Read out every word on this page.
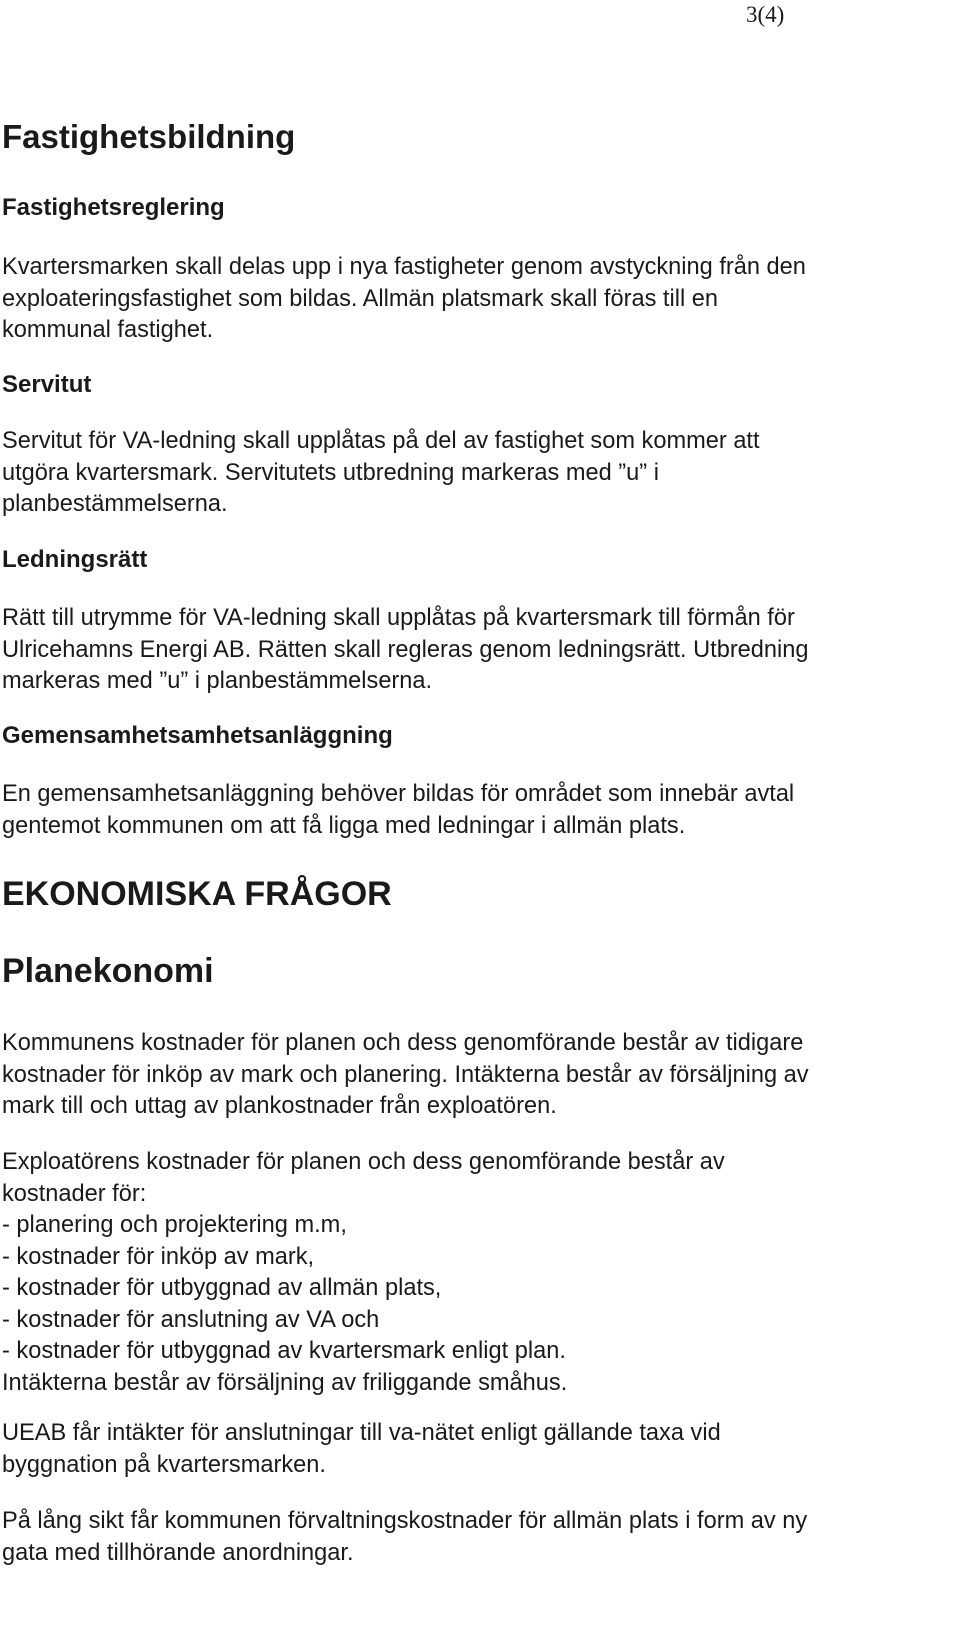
3(4)
Fastighetsbildning
Fastighetsreglering
Kvartersmarken skall delas upp i nya fastigheter genom avstyckning från den
exploateringsfastighet som bildas. Allmän platsmark skall föras till en
kommunal fastighet.
Servitut
Servitut för VA-ledning skall upplåtas på del av fastighet som kommer att
utgöra kvartersmark. Servitutets utbredning markeras med ”u” i
planbestämmelserna.
Ledningsrätt
Rätt till utrymme för VA-ledning skall upplåtas på kvartersmark till förmån för
Ulricehamns Energi AB. Rätten skall regleras genom ledningsrätt. Utbredning
markeras med ”u” i planbestämmelserna.
Gemensamhetsamhetsanläggning
En gemensamhetsanläggning behöver bildas för området som innebär avtal
gentemot kommunen om att få ligga med ledningar i allmän plats.
EKONOMISKA FRÅGOR
Planekonomi
Kommunens kostnader för planen och dess genomförande består av tidigare
kostnader för inköp av mark och planering. Intäkterna består av försäljning av
mark till och uttag av plankostnader från exploatören.
Exploatörens kostnader för planen och dess genomförande består av
kostnader för:
- planering och projektering m.m,
- kostnader för inköp av mark,
- kostnader för utbyggnad av allmän plats,
- kostnader för anslutning av VA och
- kostnader för utbyggnad av kvartersmark enligt plan.
Intäkterna består av försäljning av friliggande småhus.
UEAB får intäkter för anslutningar till va-nätet enligt gällande taxa vid
byggnation på kvartersmarken.
På lång sikt får kommunen förvaltningskostnader för allmän plats i form av ny
gata med tillhörande anordningar.
